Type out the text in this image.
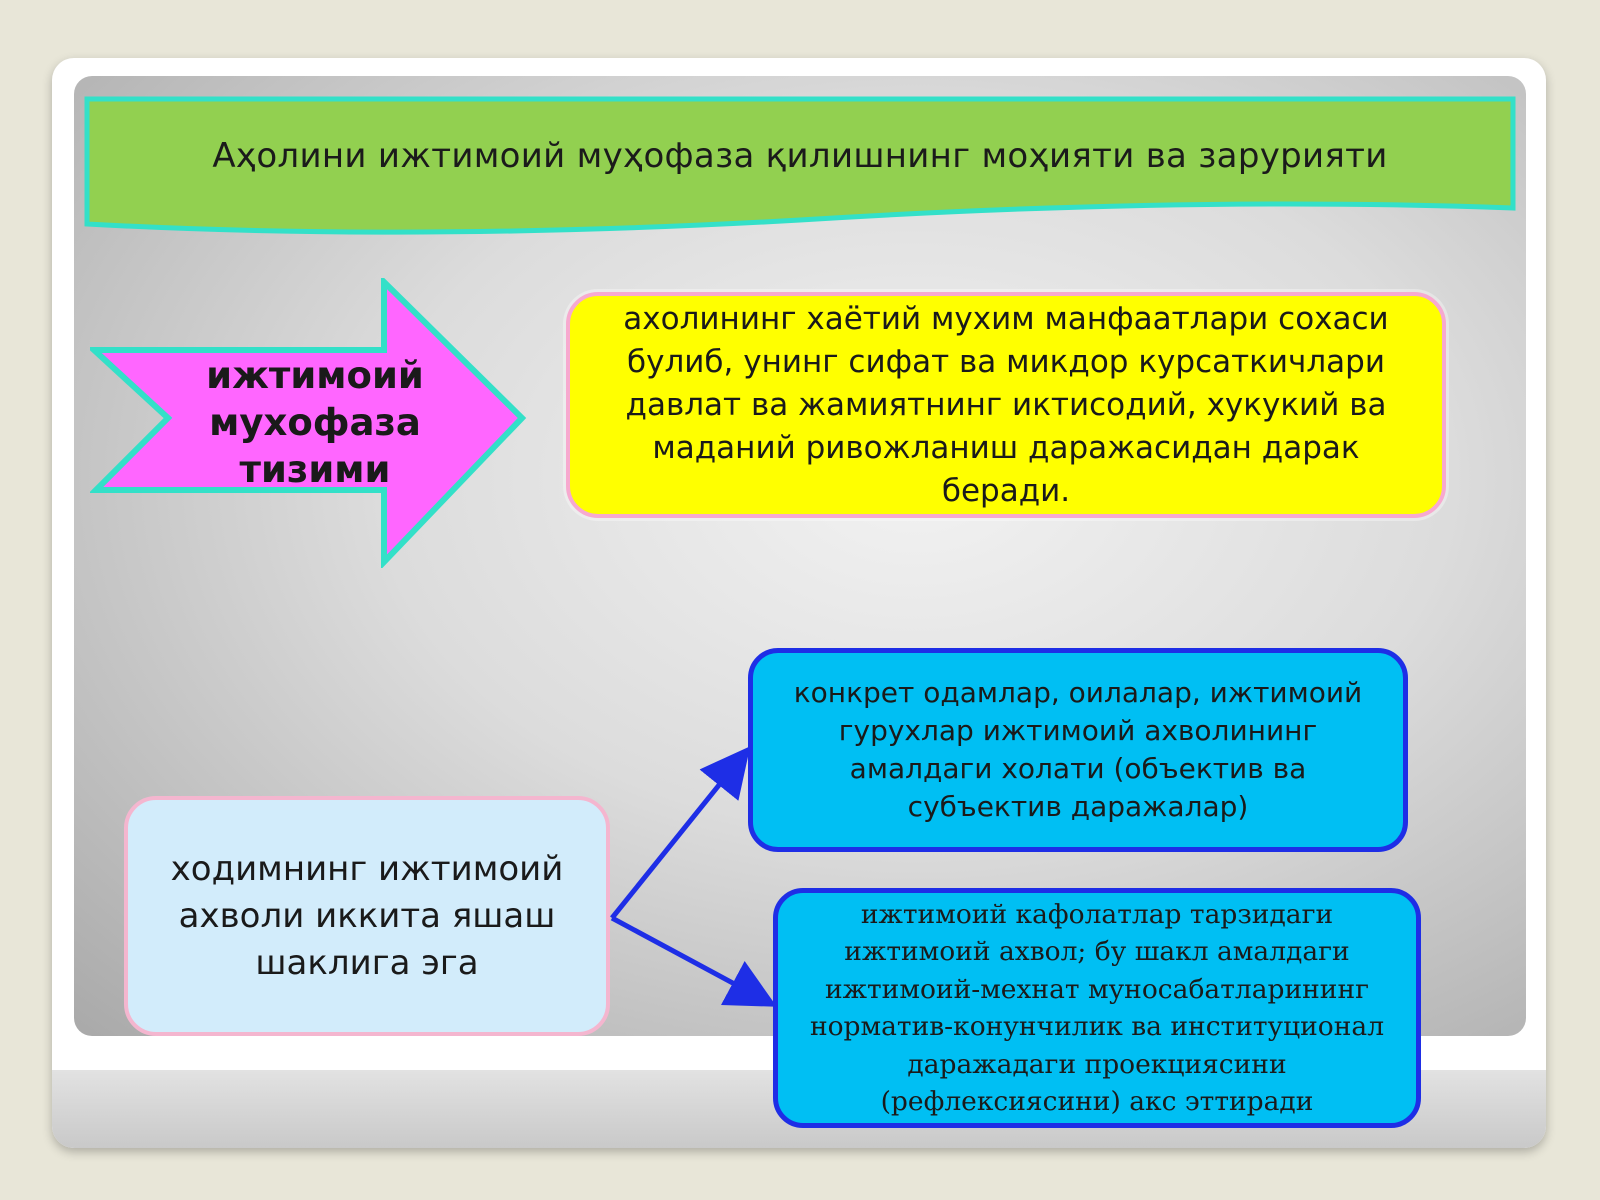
Аҳолини ижтимоий муҳофаза қилишнинг моҳияти ва зарурияти
ижтимоий мухофаза тизими
ахолининг хаётий мухим манфаатлари сохаси булиб, унинг сифат ва микдор курсаткичлари давлат ва жамиятнинг иктисодий, хукукий ва маданий ривожланиш даражасидан дарак беради.
ходимнинг ижтимоий ахволи иккита яшаш шаклига эга
конкрет одамлар, оилалар, ижтимоий гурухлар ижтимоий ахволининг амалдаги холати (объектив ва субъектив даражалар)
ижтимоий кафолатлар тарзидаги ижтимоий ахвол; бу шакл амалдаги ижтимоий-мехнат муносабатларининг норматив-конунчилик ва институционал даражадаги проекциясини (рефлексиясини) акс эттиради
